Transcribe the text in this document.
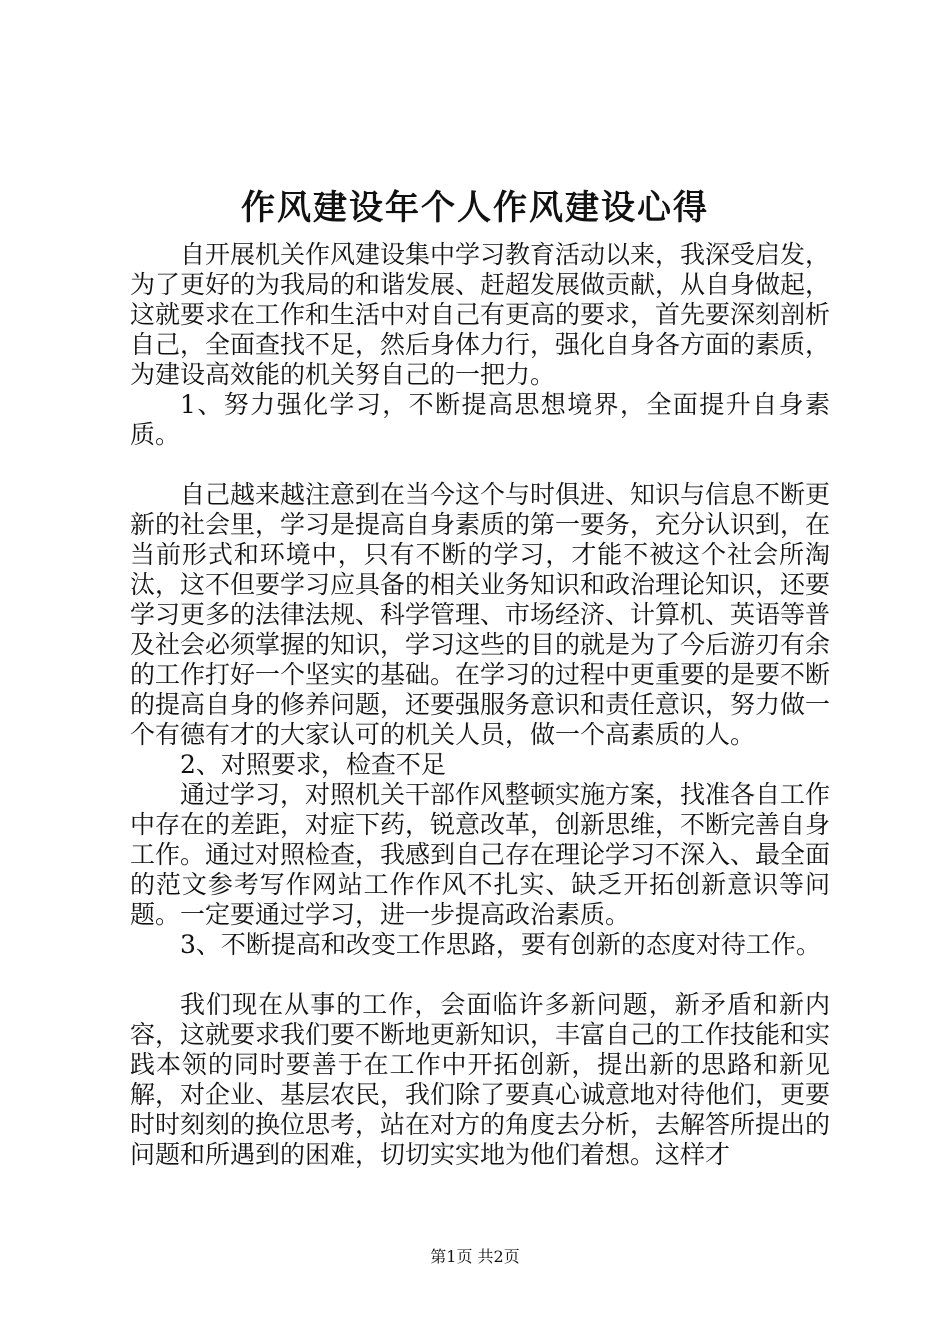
作风建设年个人作风建设心得

自开展机关作风建设集中学习教育活动以来，我深受启发，为了更好的为我局的和谐发展、赶超发展做贡献，从自身做起，这就要求在工作和生活中对自己有更高的要求，首先要深刻剖析自己，全面查找不足，然后身体力行，强化自身各方面的素质，为建设高效能的机关努自己的一把力。

1、努力强化学习，不断提高思想境界，全面提升自身素质。

自己越来越注意到在当今这个与时俱进、知识与信息不断更新的社会里，学习是提高自身素质的第一要务，充分认识到，在当前形式和环境中，只有不断的学习，才能不被这个社会所淘汰，这不但要学习应具备的相关业务知识和政治理论知识，还要学习更多的法律法规、科学管理、市场经济、计算机、英语等普及社会必须掌握的知识，学习这些的目的就是为了今后游刃有余的工作打好一个坚实的基础。在学习的过程中更重要的是要不断的提高自身的修养问题，还要强服务意识和责任意识，努力做一个有德有才的大家认可的机关人员，做一个高素质的人。

2、对照要求，检查不足

通过学习，对照机关干部作风整顿实施方案，找准各自工作中存在的差距，对症下药，锐意改革，创新思维，不断完善自身工作。通过对照检查，我感到自己存在理论学习不深入、最全面的范文参考写作网站工作作风不扎实、缺乏开拓创新意识等问题。一定要通过学习，进一步提高政治素质。

3、不断提高和改变工作思路，要有创新的态度对待工作。

我们现在从事的工作，会面临许多新问题，新矛盾和新内容，这就要求我们要不断地更新知识，丰富自己的工作技能和实践本领的同时要善于在工作中开拓创新，提出新的思路和新见解，对企业、基层农民，我们除了要真心诚意地对待他们，更要时时刻刻的换位思考，站在对方的角度去分析，去解答所提出的问题和所遇到的困难，切切实实地为他们着想。这样才

第1页 共2页
